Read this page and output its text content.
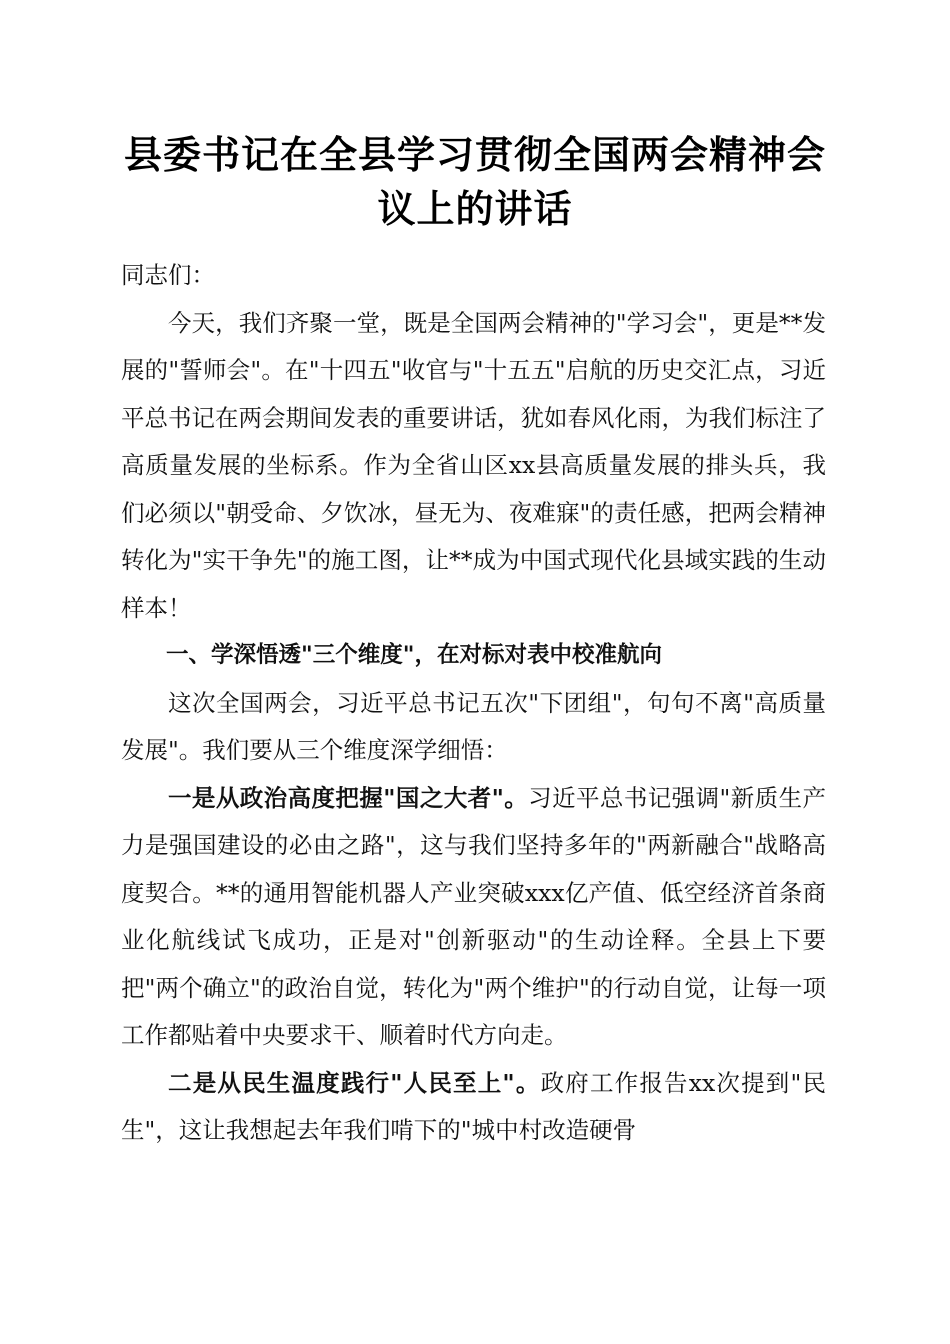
县委书记在全县学习贯彻全国两会精神会议上的讲话

同志们：

今天，我们齐聚一堂，既是全国两会精神的"学习会"，更是**发展的"誓师会"。在"十四五"收官与"十五五"启航的历史交汇点，习近平总书记在两会期间发表的重要讲话，犹如春风化雨，为我们标注了高质量发展的坐标系。作为全省山区xx县高质量发展的排头兵，我们必须以"朝受命、夕饮冰，昼无为、夜难寐"的责任感，把两会精神转化为"实干争先"的施工图，让**成为中国式现代化县域实践的生动样本！

一、学深悟透"三个维度"，在对标对表中校准航向

这次全国两会，习近平总书记五次"下团组"，句句不离"高质量发展"。我们要从三个维度深学细悟：

一是从政治高度把握"国之大者"。习近平总书记强调"新质生产力是强国建设的必由之路"，这与我们坚持多年的"两新融合"战略高度契合。**的通用智能机器人产业突破xxx亿产值、低空经济首条商业化航线试飞成功，正是对"创新驱动"的生动诠释。全县上下要把"两个确立"的政治自觉，转化为"两个维护"的行动自觉，让每一项工作都贴着中央要求干、顺着时代方向走。

二是从民生温度践行"人民至上"。政府工作报告xx次提到"民生"，这让我想起去年我们啃下的"城中村改造硬骨
